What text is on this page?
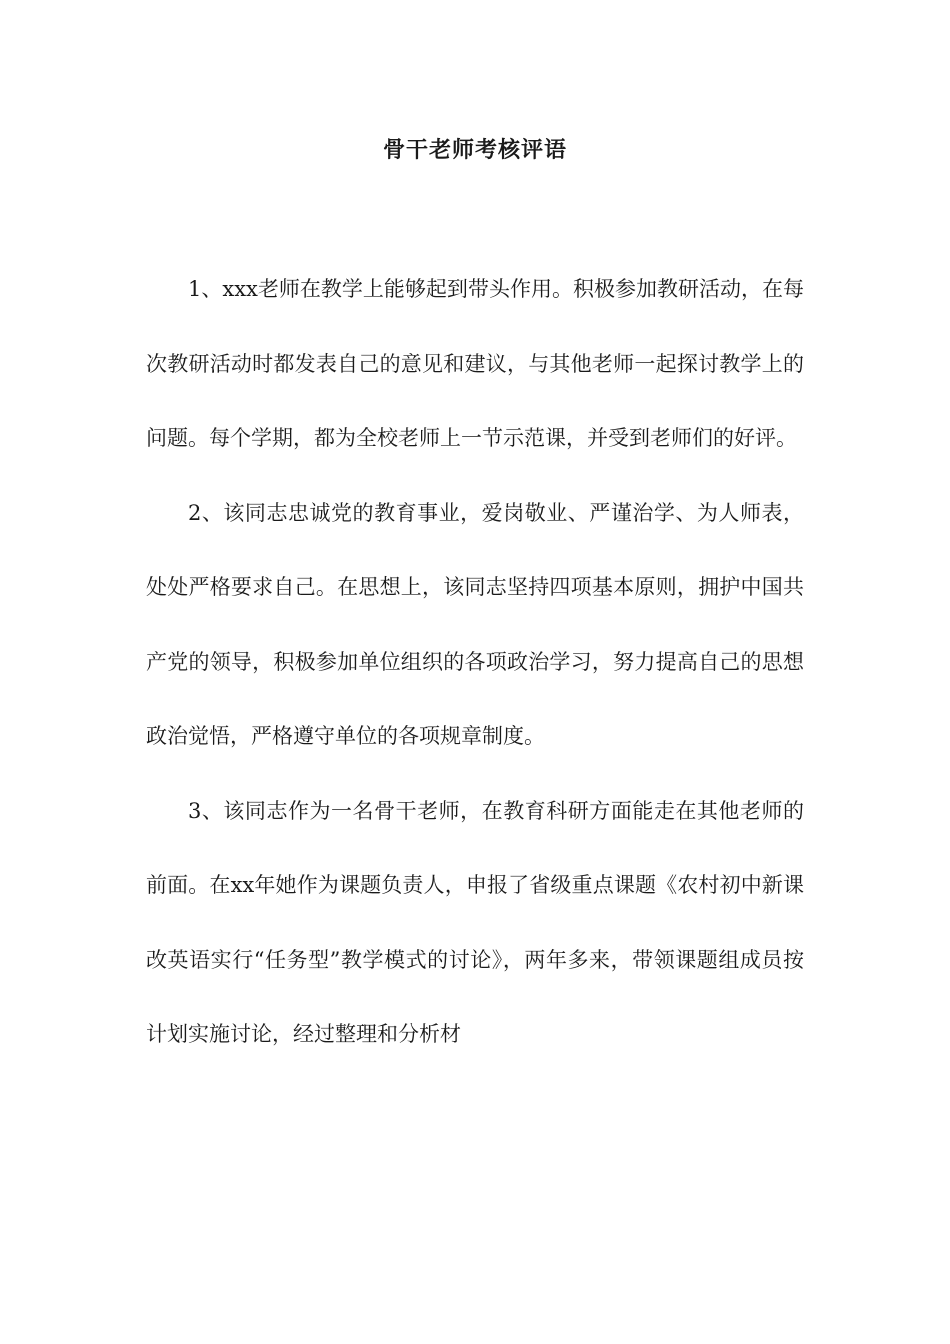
骨干老师考核评语

1、xxx老师在教学上能够起到带头作用。积极参加教研活动，在每次教研活动时都发表自己的意见和建议，与其他老师一起探讨教学上的问题。每个学期，都为全校老师上一节示范课，并受到老师们的好评。

2、该同志忠诚党的教育事业，爱岗敬业、严谨治学、为人师表，处处严格要求自己。在思想上，该同志坚持四项基本原则，拥护中国共产党的领导，积极参加单位组织的各项政治学习，努力提高自己的思想政治觉悟，严格遵守单位的各项规章制度。

3、该同志作为一名骨干老师，在教育科研方面能走在其他老师的前面。在xx年她作为课题负责人，申报了省级重点课题《农村初中新课改英语实行“任务型”教学模式的讨论》，两年多来，带领课题组成员按计划实施讨论，经过整理和分析材
